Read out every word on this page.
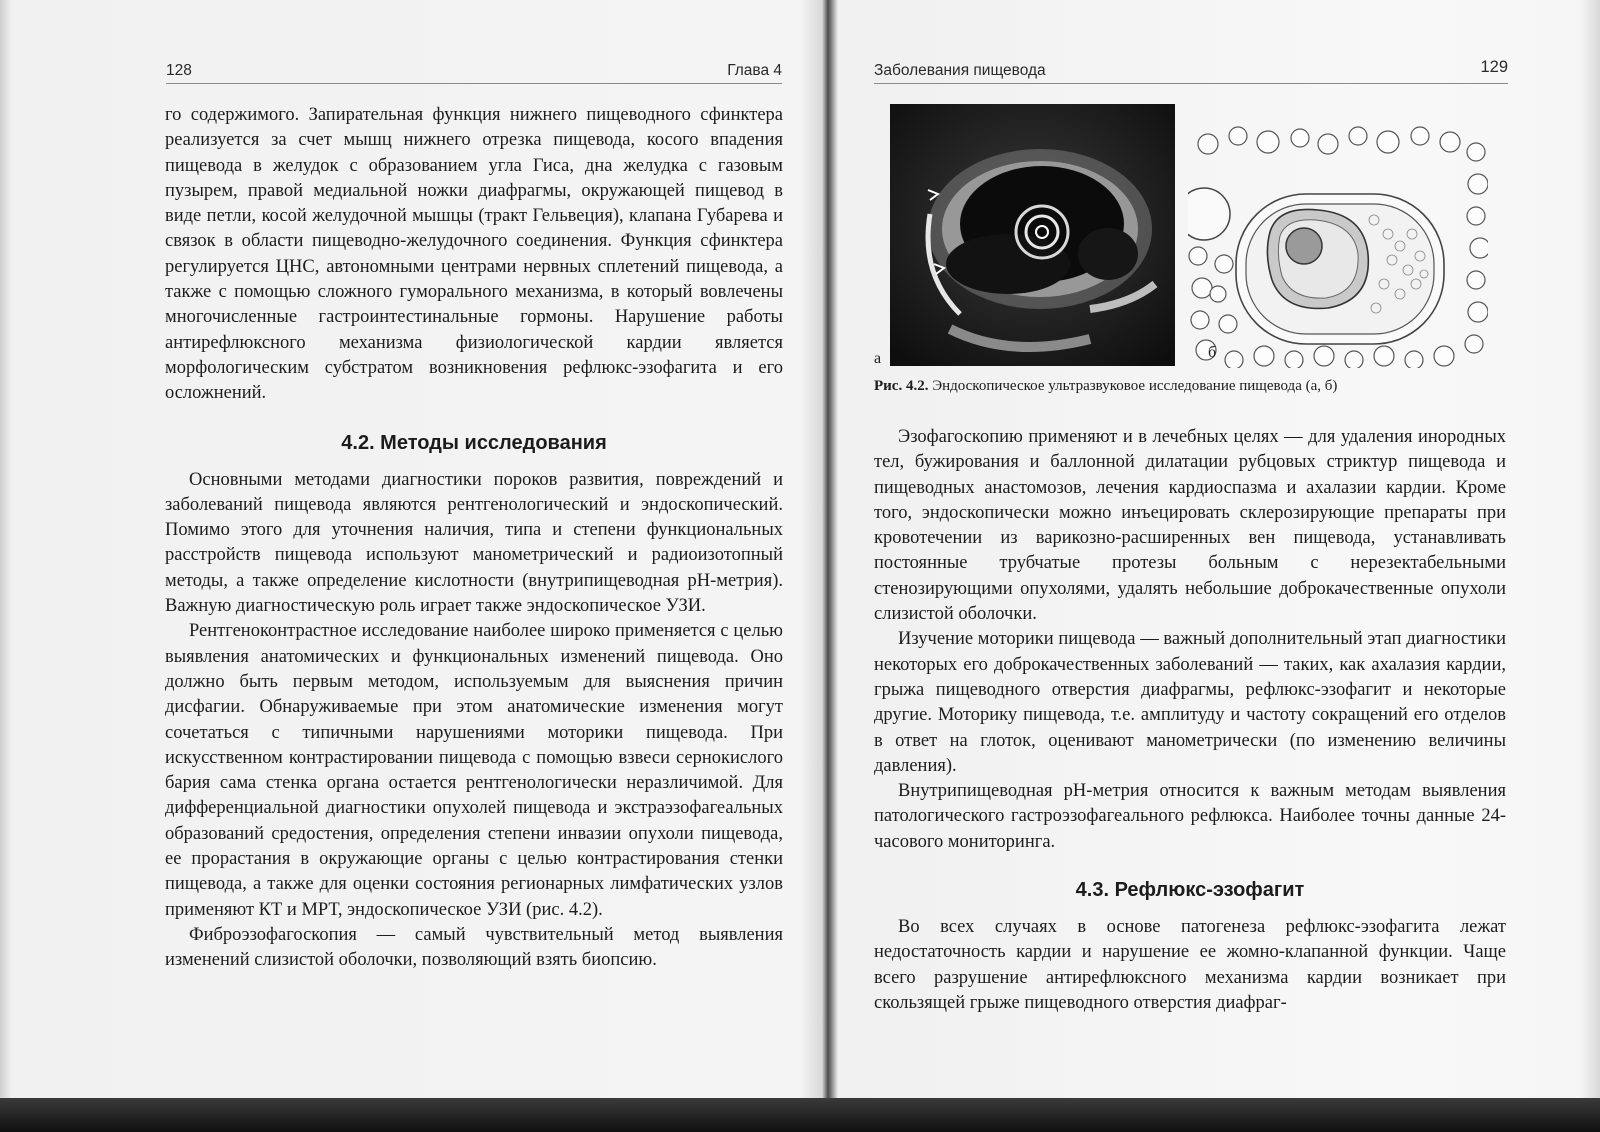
128	Глава 4

го содержимого. Запирательная функция нижнего пищеводного сфинктера реализуется за счет мышц нижнего отрезка пищевода, косого впадения пищевода в желудок с образованием угла Гиса, дна желудка с газовым пузырем, правой медиальной ножки диафрагмы, окружающей пищевод в виде петли, косой желудочной мышцы (тракт Гельвеция), клапана Губарева и связок в области пищеводно-желудочного соединения. Функция сфинктера регулируется ЦНС, автономными центрами нервных сплетений пищевода, а также с помощью сложного гуморального механизма, в который вовлечены многочисленные гастроинтестинальные гормоны. Нарушение работы антирефлюксного механизма физиологической кардии является морфологическим субстратом возникновения рефлюкс-эзофагита и его осложнений.

4.2. Методы исследования

Основными методами диагностики пороков развития, повреждений и заболеваний пищевода являются рентгенологический и эндоскопический. Помимо этого для уточнения наличия, типа и степени функциональных расстройств пищевода используют манометрический и радиоизотопный методы, а также определение кислотности (внутрипищеводная рН-метрия). Важную диагностическую роль играет также эндоскопическое УЗИ.

Рентгеноконтрастное исследование наиболее широко применяется с целью выявления анатомических и функциональных изменений пищевода. Оно должно быть первым методом, используемым для выяснения причин дисфагии. Обнаруживаемые при этом анатомические изменения могут сочетаться с типичными нарушениями моторики пищевода. При искусственном контрастировании пищевода с помощью взвеси сернокислого бария сама стенка органа остается рентгенологически неразличимой. Для дифференциальной диагностики опухолей пищевода и экстраэзофагеальных образований средостения, определения степени инвазии опухоли пищевода, ее прорастания в окружающие органы с целью контрастирования стенки пищевода, а также для оценки состояния регионарных лимфатических узлов применяют КТ и МРТ, эндоскопическое УЗИ (рис. 4.2).

Фиброэзофагоскопия — самый чувствительный метод выявления изменений слизистой оболочки, позволяющий взять биопсию.

Заболевания пищевода	129
а	б
Рис. 4.2. Эндоскопическое ультразвуковое исследование пищевода (а, б)

Эзофагоскопию применяют и в лечебных целях — для удаления инородных тел, бужирования и баллонной дилатации рубцовых стриктур пищевода и пищеводных анастомозов, лечения кардиоспазма и ахалазии кардии. Кроме того, эндоскопически можно инъецировать склерозирующие препараты при кровотечении из варикозно-расширенных вен пищевода, устанавливать постоянные трубчатые протезы больным с нерезектабельными стенозирующими опухолями, удалять небольшие доброкачественные опухоли слизистой оболочки.

Изучение моторики пищевода — важный дополнительный этап диагностики некоторых его доброкачественных заболеваний — таких, как ахалазия кардии, грыжа пищеводного отверстия диафрагмы, рефлюкс-эзофагит и некоторые другие. Моторику пищевода, т.е. амплитуду и частоту сокращений его отделов в ответ на глоток, оценивают манометрически (по изменению величины давления).

Внутрипищеводная рН-метрия относится к важным методам выявления патологического гастроэзофагеального рефлюкса. Наиболее точны данные 24-часового мониторинга.

4.3. Рефлюкс-эзофагит

Во всех случаях в основе патогенеза рефлюкс-эзофагита лежат недостаточность кардии и нарушение ее жомно-клапанной функции. Чаще всего разрушение антирефлюксного механизма кардии возникает при скользящей грыже пищеводного отверстия диафраг-
